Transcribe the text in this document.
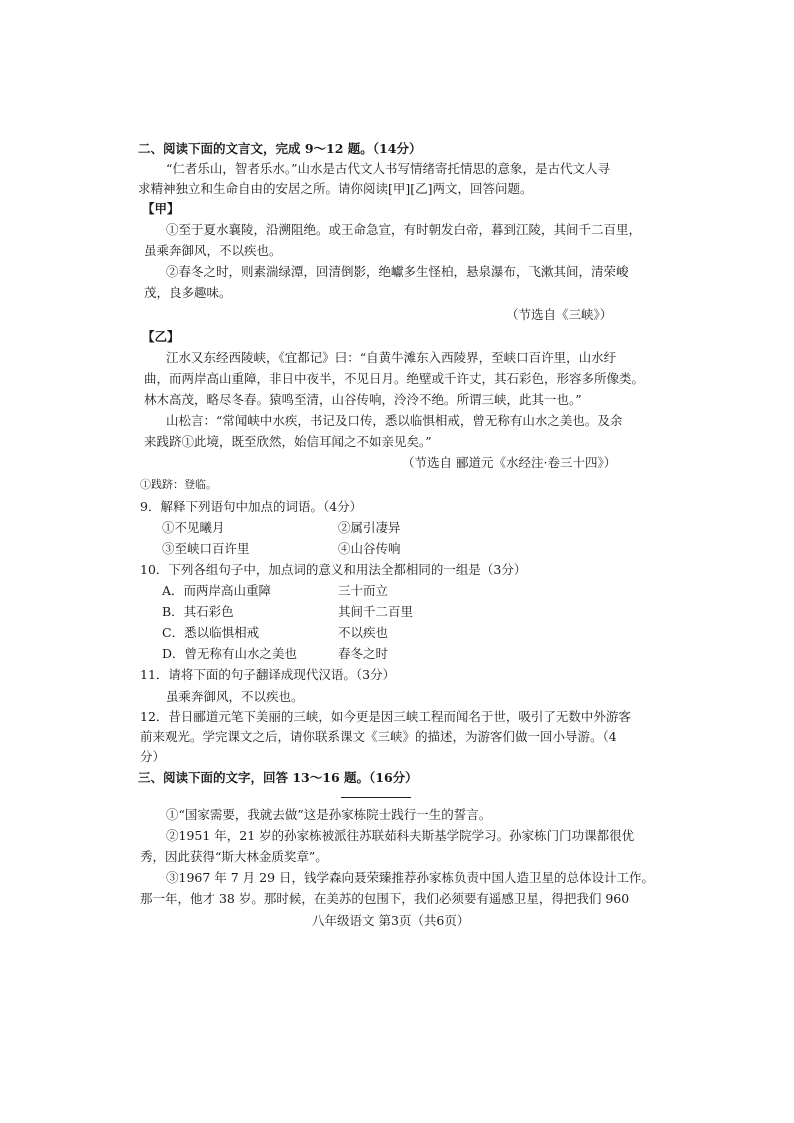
二、阅读下面的文言文，完成 9～12 题。（14分）
“仁者乐山，智者乐水。”山水是古代文人书写情绪寄托情思的意象，是古代文人寻
求精神独立和生命自由的安居之所。请你阅读[甲][乙]两文，回答问题。
【甲】
①至于夏水襄陵，沿溯阻绝。或王命急宣，有时朝发白帝，暮到江陵，其间千二百里，
虽乘奔御风，不以疾也。
②春冬之时，则素湍绿潭，回清倒影，绝巘多生怪柏，悬泉瀑布，飞漱其间，清荣峻
茂，良多趣味。
（节选自《三峡》）
【乙】
江水又东经西陵峡，《宜都记》曰：“自黄牛滩东入西陵界，至峡口百许里，山水纡
曲，而两岸高山重障，非日中夜半，不见日月。绝壁或千许丈，其石彩色，形容多所像类。
林木高茂，略尽冬春。猿鸣至清，山谷传响，泠泠不绝。所谓三峡，此其一也。”
山松言：“常闻峡中水疾，书记及口传，悉以临惧相戒，曾无称有山水之美也。及余
来践跻①此境，既至欣然，始信耳闻之不如亲见矣。”
（节选自 郦道元《水经注·卷三十四》）
①践跻：登临。
9．解释下列语句中加点的词语。（4分）
①不见曦月	②属引凄异
③至峡口百许里	④山谷传响
10．下列各组句子中，加点词的意义和用法全都相同的一组是（3分）
A．而两岸高山重障	三十而立
B．其石彩色	其间千二百里
C．悉以临惧相戒	不以疾也
D．曾无称有山水之美也	春冬之时
11．请将下面的句子翻译成现代汉语。（3分）
虽乘奔御风，不以疾也。
12．昔日郦道元笔下美丽的三峡，如今更是因三峡工程而闻名于世，吸引了无数中外游客
前来观光。学完课文之后，请你联系课文《三峡》的描述，为游客们做一回小导游。（4
分）
三、阅读下面的文字，回答 13～16 题。（16分）
①“国家需要，我就去做”这是孙家栋院士践行一生的誓言。
②1951 年，21 岁的孙家栋被派往苏联茹科夫斯基学院学习。孙家栋门门功课都很优
秀，因此获得“斯大林金质奖章”。
③1967 年 7 月 29 日，钱学森向聂荣臻推荐孙家栋负责中国人造卫星的总体设计工作。
那一年，他才 38 岁。那时候，在美苏的包围下，我们必须要有遥感卫星，得把我们 960
八年级语文 第3页（共6页）
